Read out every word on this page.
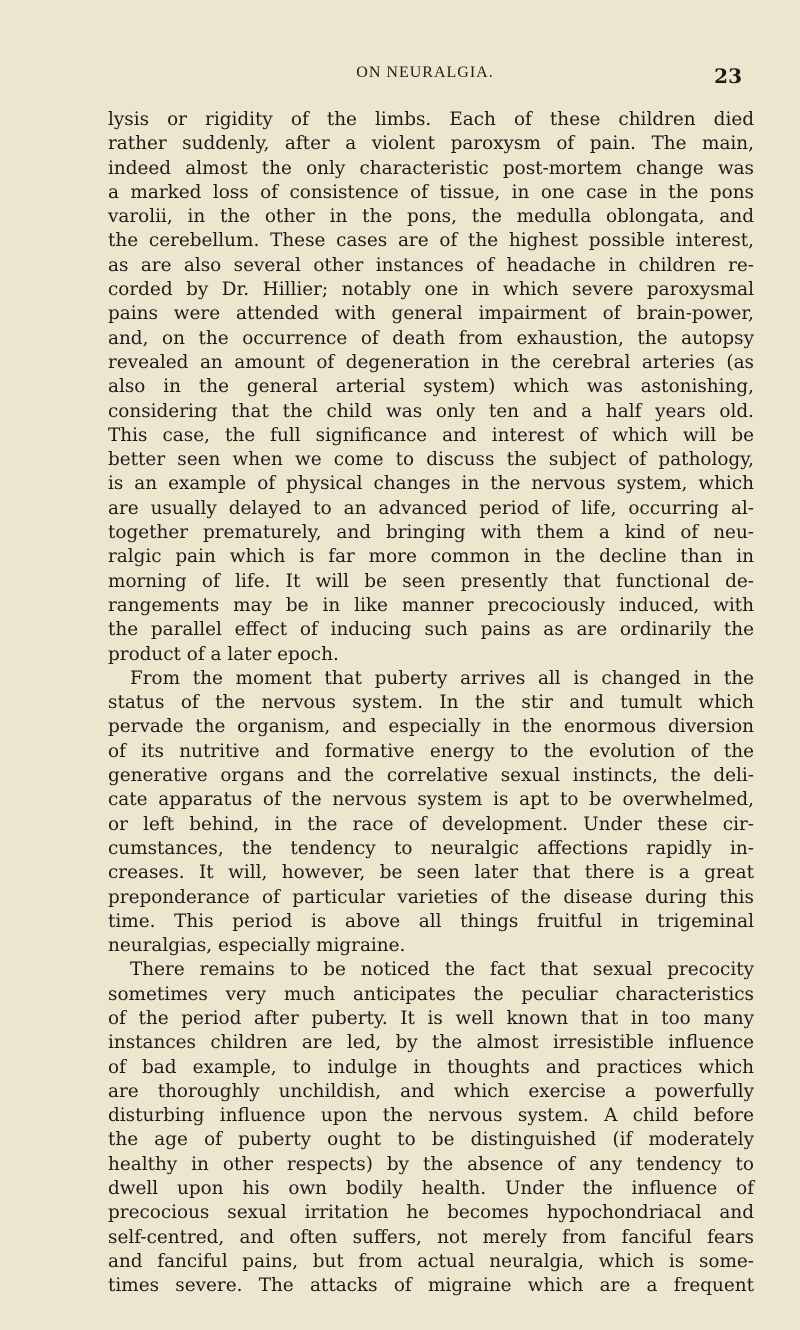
ON NEURALGIA.	23
lysis or rigidity of the limbs. Each of these children died
rather suddenly, after a violent paroxysm of pain. The main,
indeed almost the only characteristic post-mortem change was
a marked loss of consistence of tissue, in one case in the pons
varolii, in the other in the pons, the medulla oblongata, and
the cerebellum. These cases are of the highest possible interest,
as are also several other instances of headache in children re-
corded by Dr. Hillier; notably one in which severe paroxysmal
pains were attended with general impairment of brain-power,
and, on the occurrence of death from exhaustion, the autopsy
revealed an amount of degeneration in the cerebral arteries (as
also in the general arterial system) which was astonishing,
considering that the child was only ten and a half years old.
This case, the full significance and interest of which will be
better seen when we come to discuss the subject of pathology,
is an example of physical changes in the nervous system, which
are usually delayed to an advanced period of life, occurring al-
together prematurely, and bringing with them a kind of neu-
ralgic pain which is far more common in the decline than in
morning of life. It will be seen presently that functional de-
rangements may be in like manner precociously induced, with
the parallel effect of inducing such pains as are ordinarily the
product of a later epoch.
From the moment that puberty arrives all is changed in the
status of the nervous system. In the stir and tumult which
pervade the organism, and especially in the enormous diversion
of its nutritive and formative energy to the evolution of the
generative organs and the correlative sexual instincts, the deli-
cate apparatus of the nervous system is apt to be overwhelmed,
or left behind, in the race of development. Under these cir-
cumstances, the tendency to neuralgic affections rapidly in-
creases. It will, however, be seen later that there is a great
preponderance of particular varieties of the disease during this
time. This period is above all things fruitful in trigeminal
neuralgias, especially migraine.
There remains to be noticed the fact that sexual precocity
sometimes very much anticipates the peculiar characteristics
of the period after puberty. It is well known that in too many
instances children are led, by the almost irresistible influence
of bad example, to indulge in thoughts and practices which
are thoroughly unchildish, and which exercise a powerfully
disturbing influence upon the nervous system. A child before
the age of puberty ought to be distinguished (if moderately
healthy in other respects) by the absence of any tendency to
dwell upon his own bodily health. Under the influence of
precocious sexual irritation he becomes hypochondriacal and
self-centred, and often suffers, not merely from fanciful fears
and fanciful pains, but from actual neuralgia, which is some-
times severe. The attacks of migraine which are a frequent
